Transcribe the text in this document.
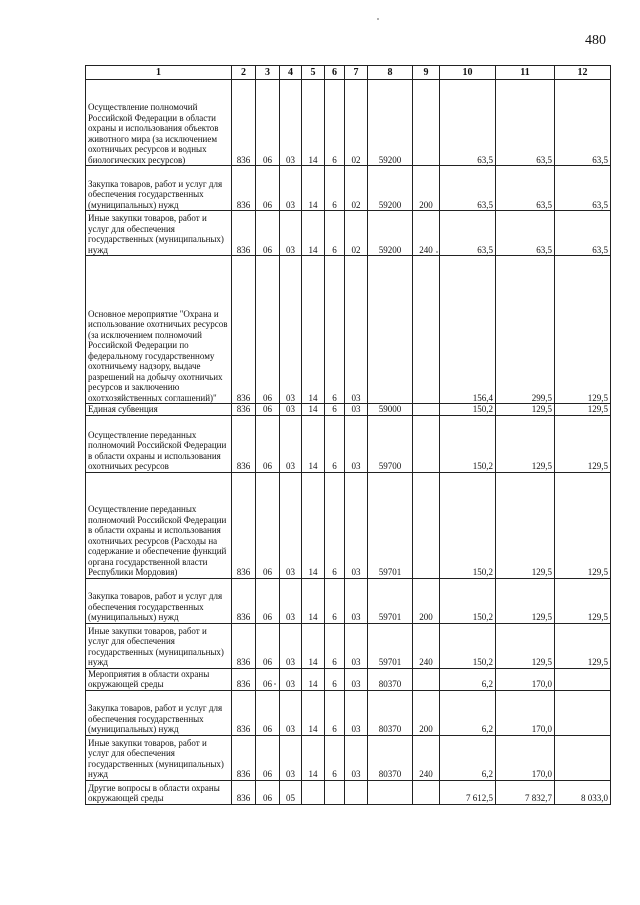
480
1	2	3	4	5	6	7	8	9	10	11	12
Осуществление полномочий Российской Федерации в области охраны и использования объектов животного мира (за исключением охотничьих ресурсов и водных биологических ресурсов)	836	06	03	14	6	02	59200		63,5	63,5	63,5
Закупка товаров, работ и услуг для обеспечения государственных (муниципальных) нужд	836	06	03	14	6	02	59200	200	63,5	63,5	63,5
Иные закупки товаров, работ и услуг для обеспечения государственных (муниципальных) нужд	836	06	03	14	6	02	59200	240	63,5	63,5	63,5
Основное мероприятие "Охрана и использование охотничьих ресурсов (за исключением полномочий Российской Федерации по федеральному государственному охотничьему надзору, выдаче разрешений на добычу охотничьих ресурсов и заключению охотхозяйственных соглашений)"	836	06	03	14	6	03			156,4	299,5	129,5
Единая субвенция	836	06	03	14	6	03	59000		150,2	129,5	129,5
Осуществление переданных полномочий Российской Федерации в области охраны и использования охотничьих ресурсов	836	06	03	14	6	03	59700		150,2	129,5	129,5
Осуществление переданных полномочий Российской Федерации в области охраны и использования охотничьих ресурсов (Расходы на содержание и обеспечение функций органа государственной власти Республики Мордовия)	836	06	03	14	6	03	59701		150,2	129,5	129,5
Закупка товаров, работ и услуг для обеспечения государственных (муниципальных) нужд	836	06	03	14	6	03	59701	200	150,2	129,5	129,5
Иные закупки товаров, работ и услуг для обеспечения государственных (муниципальных) нужд	836	06	03	14	6	03	59701	240	150,2	129,5	129,5
Мероприятия в области охраны окружающей среды	836	06	03	14	6	03	80370		6,2	170,0	
Закупка товаров, работ и услуг для обеспечения государственных (муниципальных) нужд	836	06	03	14	6	03	80370	200	6,2	170,0	
Иные закупки товаров, работ и услуг для обеспечения государственных (муниципальных) нужд	836	06	03	14	6	03	80370	240	6,2	170,0	
Другие вопросы в области охраны окружающей среды	836	06	05						7 612,5	7 832,7	8 033,0
